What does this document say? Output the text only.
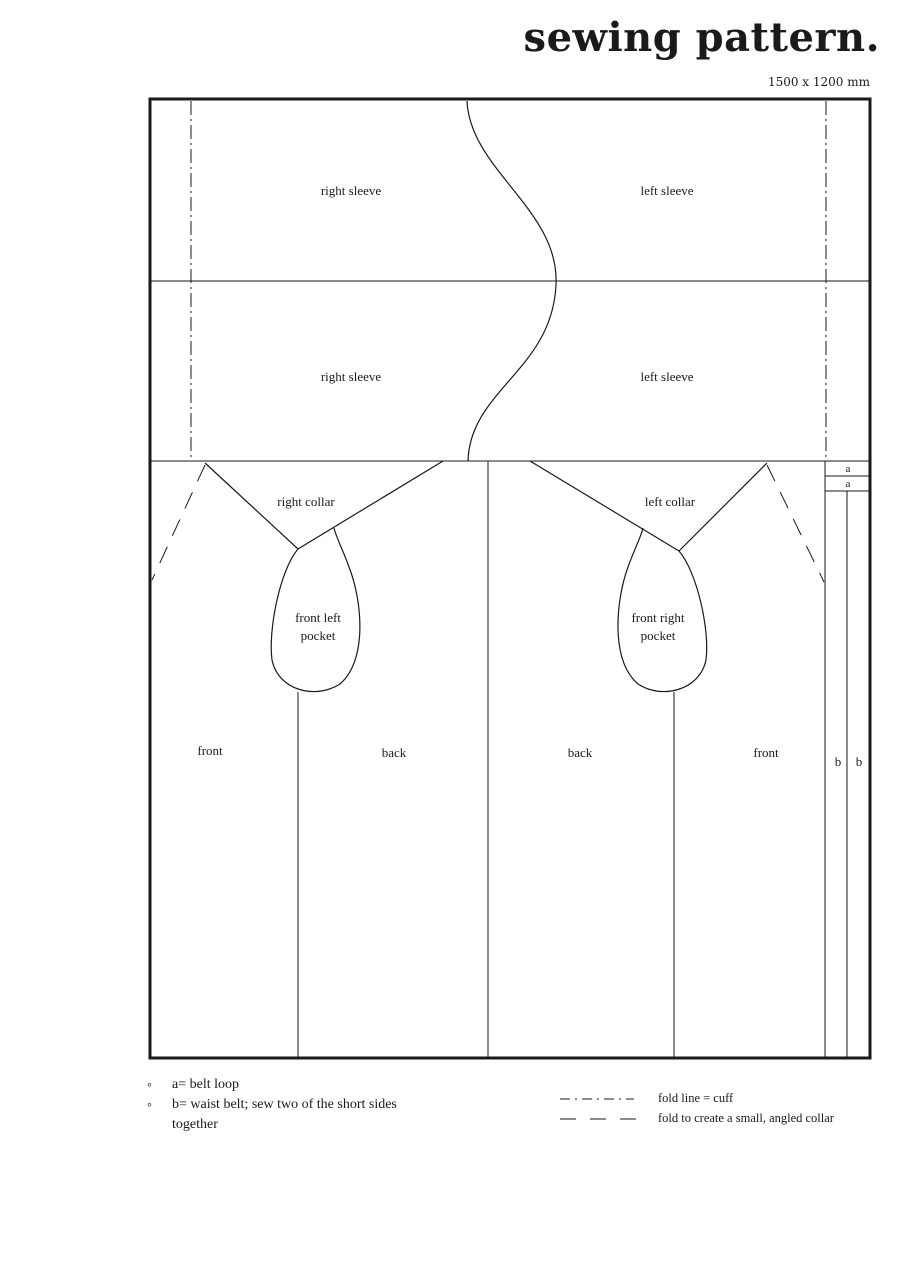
sewing pattern.
1500 x 1200 mm
right sleeve	left sleeve
right sleeve	left sleeve
right collar	left collar
front left
pocket
front right
pocket
front	back	back	front
a
a
b b
∘ a= belt loop
∘ b= waist belt; sew two of the short sides together
fold line = cuff
fold to create a small, angled collar
